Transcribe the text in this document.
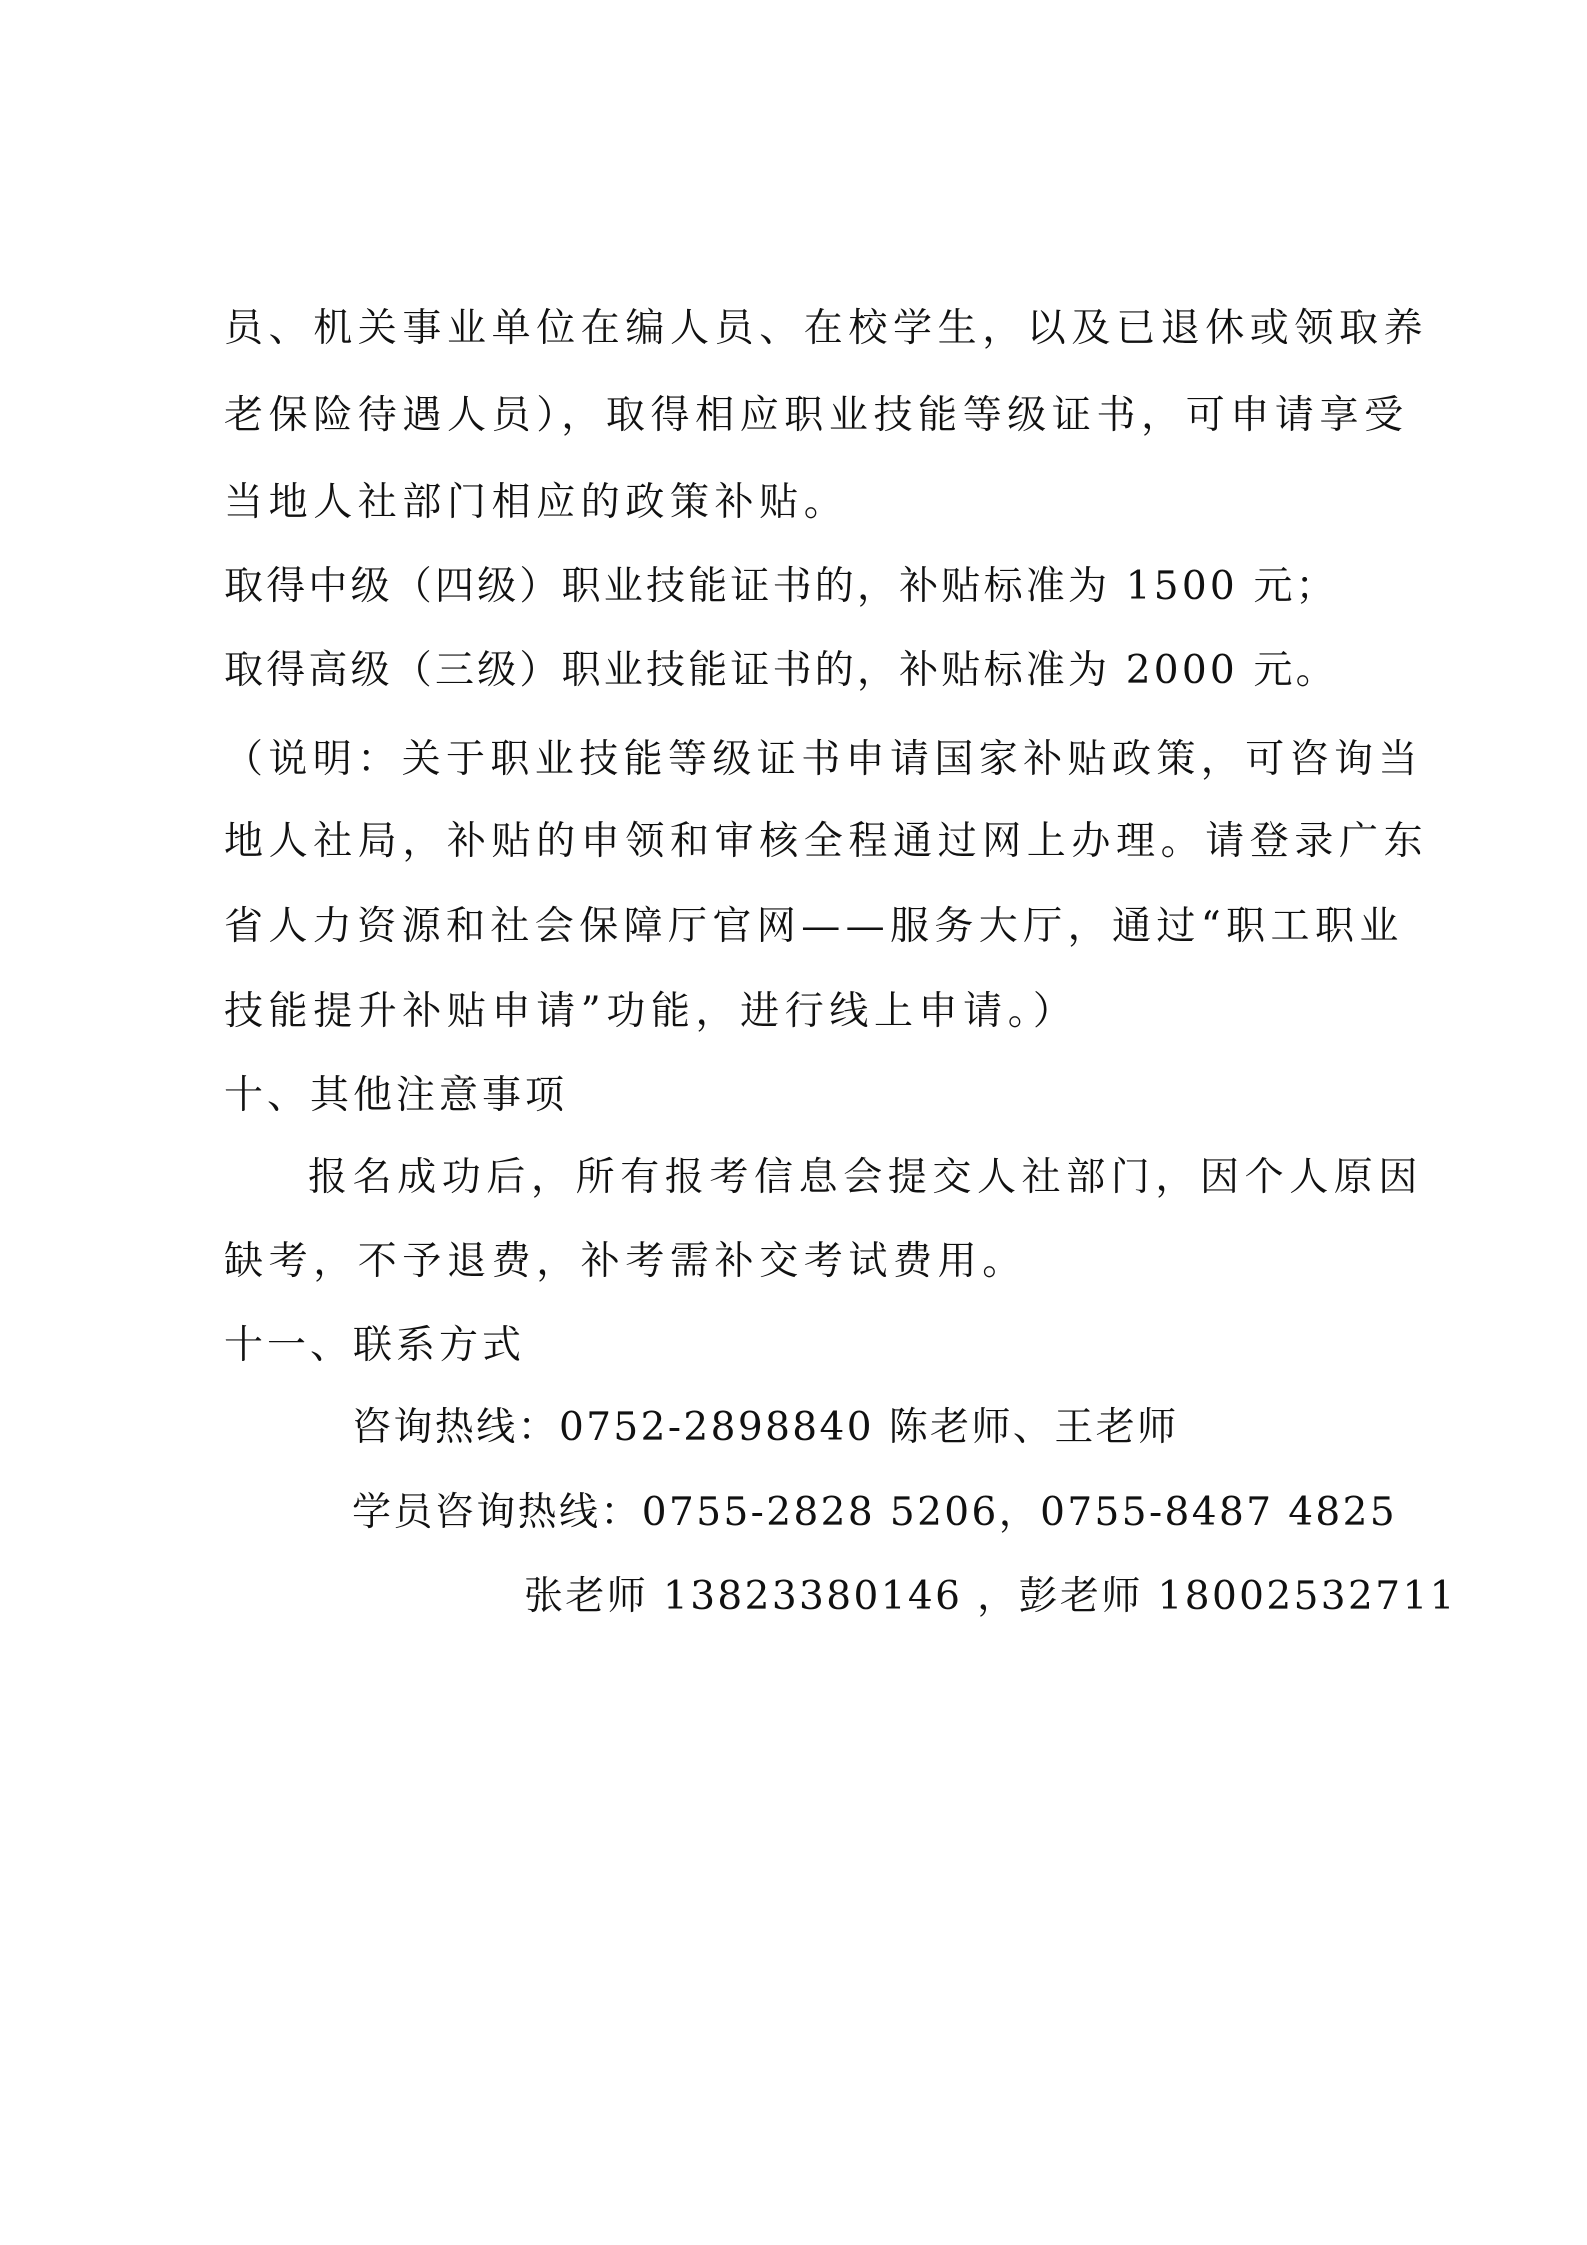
员、机关事业单位在编人员、在校学生，以及已退休或领取养
老保险待遇人员），取得相应职业技能等级证书，可申请享受
当地人社部门相应的政策补贴。
取得中级（四级）职业技能证书的，补贴标准为 1500 元；
取得高级（三级）职业技能证书的，补贴标准为 2000 元。
（说明：关于职业技能等级证书申请国家补贴政策，可咨询当
地人社局，补贴的申领和审核全程通过网上办理。请登录广东
省人力资源和社会保障厅官网——服务大厅，通过“职工职业
技能提升补贴申请”功能，进行线上申请。）
十、其他注意事项
报名成功后，所有报考信息会提交人社部门，因个人原因
缺考，不予退费，补考需补交考试费用。
十一、联系方式
咨询热线：0752-2898840 陈老师、王老师
学员咨询热线：0755-2828 5206，0755-8487 4825
张老师 13823380146 ，彭老师 18002532711
